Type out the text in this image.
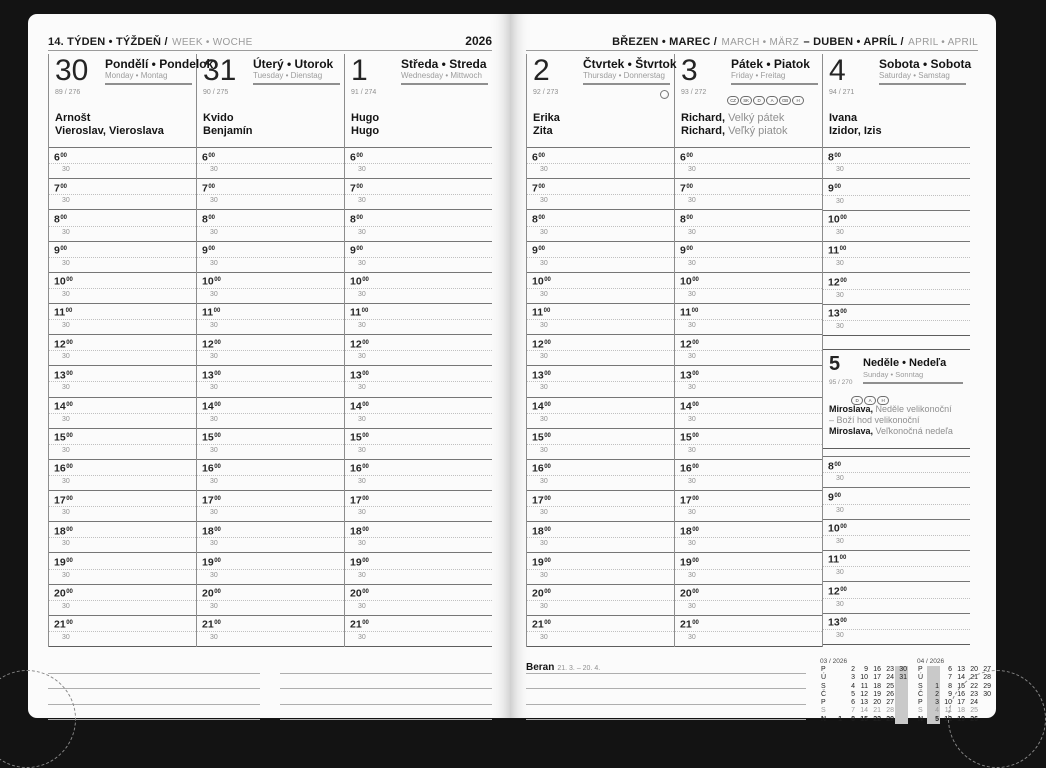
14. TÝDEN • TÝŽDEŇ / WEEK • WOCHE	2026
30 Pondělí • Pondelok
Monday • Montag
89 / 276
Arnošt
Vieroslav, Vieroslava
$6^{00}$
30
$7^{00}$
30
$8^{00}$
30
$9^{00}$
30
$10^{00}$
30
$11^{00}$
30
$12^{00}$
30
$13^{00}$
30
$14^{00}$
30
$15^{00}$
30
$16^{00}$
30
$17^{00}$
30
$18^{00}$
30
$19^{00}$
30
$20^{00}$
30
$21^{00}$
30
31 Úterý • Utorok
Tuesday • Dienstag
90 / 275
Kvido
Benjamín
$6^{00}$
30
$7^{00}$
30
$8^{00}$
30
$9^{00}$
30
$10^{00}$
30
$11^{00}$
30
$12^{00}$
30
$13^{00}$
30
$14^{00}$
30
$15^{00}$
30
$16^{00}$
30
$17^{00}$
30
$18^{00}$
30
$19^{00}$
30
$20^{00}$
30
$21^{00}$
30
1	Středa • Streda
Wednesday • Mittwoch
91 / 274
Hugo
Hugo
$6^{00}$
30
$7^{00}$
30
$8^{00}$
30
$9^{00}$
30
$10^{00}$
30
$11^{00}$
30
$12^{00}$
30
$13^{00}$
30
$14^{00}$
30
$15^{00}$
30
$16^{00}$
30
$17^{00}$
30
$18^{00}$
30
$19^{00}$
30
$20^{00}$
30
$21^{00}$
30
BŘEZEN • MAREC / MARCH • MÄRZ – DUBEN • APRÍL / APRIL • APRIL
2	Čtvrtek • Štvrtok
Thursday • Donnerstag
92 / 273
Erika
Zita
$6^{00}$
30
$7^{00}$
30
$8^{00}$
30
$9^{00}$
30
$10^{00}$
30
$11^{00}$
30
$12^{00}$
30
$13^{00}$
30
$14^{00}$
30
$15^{00}$
30
$16^{00}$
30
$17^{00}$
30
$18^{00}$
30
$19^{00}$
30
$20^{00}$
30
$21^{00}$
30
3	Pátek • Piatok
Friday • Freitag
93 / 272
CZ SK D A GB H
Richard, Velký pátek
Richard, Veľký piatok
$6^{00}$
30
$7^{00}$
30
$8^{00}$
30
$9^{00}$
30
$10^{00}$
30
$11^{00}$
30
$12^{00}$
30
$13^{00}$
30
$14^{00}$
30
$15^{00}$
30
$16^{00}$
30
$17^{00}$
30
$18^{00}$
30
$19^{00}$
30
$20^{00}$
30
$21^{00}$
30
4	Sobota • Sobota
Saturday • Samstag
94 / 271
Ivana
Izidor, Izis
$8^{00}$
30
$9^{00}$
30
$10^{00}$
30
$11^{00}$
30
$12^{00}$
30
$13^{00}$
30
5 Neděle • Nedeľa
Sunday • Sonntag
95 / 270
D A H
Miroslava, Neděle velikonoční
– Boží hod velikonoční
Miroslava, Veľkonočná nedeľa
$8^{00}$
30
$9^{00}$
30
$10^{00}$
30
$11^{00}$
30
$12^{00}$
30
$13^{00}$
30
Beran 21. 3. – 20. 4.
03 / 2026
P	2	9 16 23 30
Ú	3 10 17 24 31
S	4 11 18 25
Č	5 12 19 26
P	6 13 20 27
S	7 14 21 28
N	1	8 15 22 29
04 / 2026
P	6 13 20 27
Ú	7 14 21 28
S	1	8 15 22 29
Č	2	9 16 23 30
P	3 10 17 24
S	4 11 18 25
N	5 12 19 26
